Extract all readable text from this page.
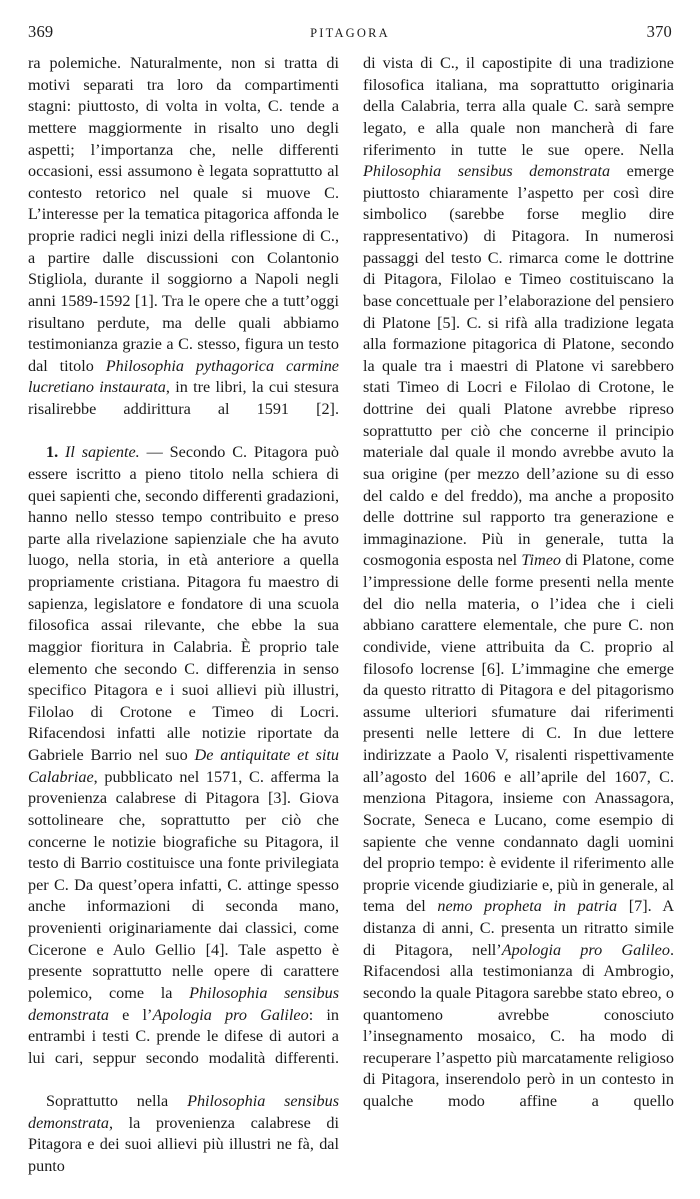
369	PITAGORA	370

ra polemiche. Naturalmente, non si tratta di motivi separati tra loro da compartimenti stagni: piuttosto, di volta in volta, C. tende a mettere maggiormente in risalto uno degli aspetti; l’importanza che, nelle differenti occasioni, essi assumono è legata soprattutto al contesto retorico nel quale si muove C. L’interesse per la tematica pitagorica affonda le proprie radici negli inizi della riflessione di C., a partire dalle discussioni con Colantonio Stigliola, durante il soggiorno a Napoli negli anni 1589-1592 [1]. Tra le opere che a tutt’oggi risultano perdute, ma delle quali abbiamo testimonianza grazie a C. stesso, figura un testo dal titolo Philosophia pythagorica carmine lucretiano instaurata, in tre libri, la cui stesura risalirebbe addirittura al 1591 [2].

1. Il sapiente. — Secondo C. Pitagora può essere iscritto a pieno titolo nella schiera di quei sapienti che, secondo differenti gradazioni, hanno nello stesso tempo contribuito e preso parte alla rivelazione sapienziale che ha avuto luogo, nella storia, in età anteriore a quella propriamente cristiana. Pitagora fu maestro di sapienza, legislatore e fondatore di una scuola filosofica assai rilevante, che ebbe la sua maggior fioritura in Calabria. È proprio tale elemento che secondo C. differenzia in senso specifico Pitagora e i suoi allievi più illustri, Filolao di Crotone e Timeo di Locri. Rifacendosi infatti alle notizie riportate da Gabriele Barrio nel suo De antiquitate et situ Calabriae, pubblicato nel 1571, C. afferma la provenienza calabrese di Pitagora [3]. Giova sottolineare che, soprattutto per ciò che concerne le notizie biografiche su Pitagora, il testo di Barrio costituisce una fonte privilegiata per C. Da quest’opera infatti, C. attinge spesso anche informazioni di seconda mano, provenienti originariamente dai classici, come Cicerone e Aulo Gellio [4]. Tale aspetto è presente soprattutto nelle opere di carattere polemico, come la Philosophia sensibus demonstrata e l’Apologia pro Galileo: in entrambi i testi C. prende le difese di autori a lui cari, seppur secondo modalità differenti.

Soprattutto nella Philosophia sensibus demonstrata, la provenienza calabrese di Pitagora e dei suoi allievi più illustri ne fà, dal punto

di vista di C., il capostipite di una tradizione filosofica italiana, ma soprattutto originaria della Calabria, terra alla quale C. sarà sempre legato, e alla quale non mancherà di fare riferimento in tutte le sue opere. Nella Philosophia sensibus demonstrata emerge piuttosto chiaramente l’aspetto per così dire simbolico (sarebbe forse meglio dire rappresentativo) di Pitagora. In numerosi passaggi del testo C. rimarca come le dottrine di Pitagora, Filolao e Timeo costituiscano la base concettuale per l’elaborazione del pensiero di Platone [5]. C. si rifà alla tradizione legata alla formazione pitagorica di Platone, secondo la quale tra i maestri di Platone vi sarebbero stati Timeo di Locri e Filolao di Crotone, le dottrine dei quali Platone avrebbe ripreso soprattutto per ciò che concerne il principio materiale dal quale il mondo avrebbe avuto la sua origine (per mezzo dell’azione su di esso del caldo e del freddo), ma anche a proposito delle dottrine sul rapporto tra generazione e immaginazione. Più in generale, tutta la cosmogonia esposta nel Timeo di Platone, come l’impressione delle forme presenti nella mente del dio nella materia, o l’idea che i cieli abbiano carattere elementale, che pure C. non condivide, viene attribuita da C. proprio al filosofo locrense [6]. L’immagine che emerge da questo ritratto di Pitagora e del pitagorismo assume ulteriori sfumature dai riferimenti presenti nelle lettere di C. In due lettere indirizzate a Paolo V, risalenti rispettivamente all’agosto del 1606 e all’aprile del 1607, C. menziona Pitagora, insieme con Anassagora, Socrate, Seneca e Lucano, come esempio di sapiente che venne condannato dagli uomini del proprio tempo: è evidente il riferimento alle proprie vicende giudiziarie e, più in generale, al tema del nemo propheta in patria [7]. A distanza di anni, C. presenta un ritratto simile di Pitagora, nell’Apologia pro Galileo. Rifacendosi alla testimonianza di Ambrogio, secondo la quale Pitagora sarebbe stato ebreo, o quantomeno avrebbe conosciuto l’insegnamento mosaico, C. ha modo di recuperare l’aspetto più marcatamente religioso di Pitagora, inserendolo però in un contesto in qualche modo affine a quello
